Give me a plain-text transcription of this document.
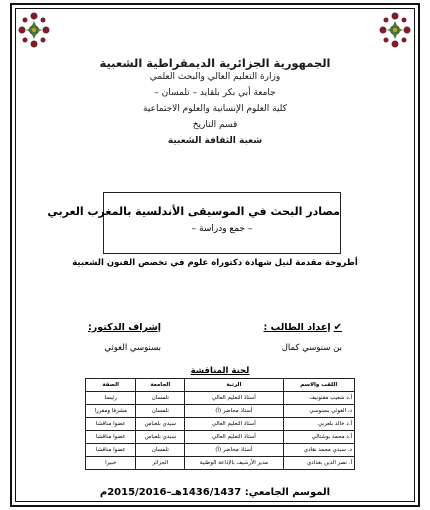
الجمهورية الجزائرية الديمقراطية الشعبية
وزارة التعليم العالي والبحث العلمي
جامعة أبي بكر بلقايد – تلمسان –
كلية العلوم الإنسانية والعلوم الاجتماعية
قسم التاريخ
شعبة الثقافة الشعبية
مصادر البحث في الموسيقى الأندلسية بالمغرب العربي
– جمع ودراسة –
أطروحة مقدمة لنيل شهادة دكتوراه علوم في تخصص الفنون الشعبية
✔إعداد الطالب :
بن سنوسي كمال
إشراف الدكتور:
بسنوسي الغوثي
لجنة المناقشة
اللقب والاسم	الرتبة	الجامعة	الصفة
أ.د شعيب مقنونيف	أستاذ التعليم العالي	تلمسان	رئيسا
د. الغوثي بسنوسي	أستاذ محاضر (أ)	تلمسان	مشرفا ومقررا
أ.د خالد بلعربي	أستاذ التعليم العالي	سيدي بلعباس	عضوا مناقشا
أ.د محمد بوشتالي	أستاذ التعليم العالي	سيدي بلعباس	عضوا مناقشا
د. سيدي محمد نقادي	أستاذ محاضر (أ)	تلمسان	عضوا مناقشا
أ. نصر الدين بغدادي	مدير الأرشيف بالإذاعة الوطنية	الجزائر	خبيرا
الموسم الجامعي: 1436/1437هـ–2015/2016م
